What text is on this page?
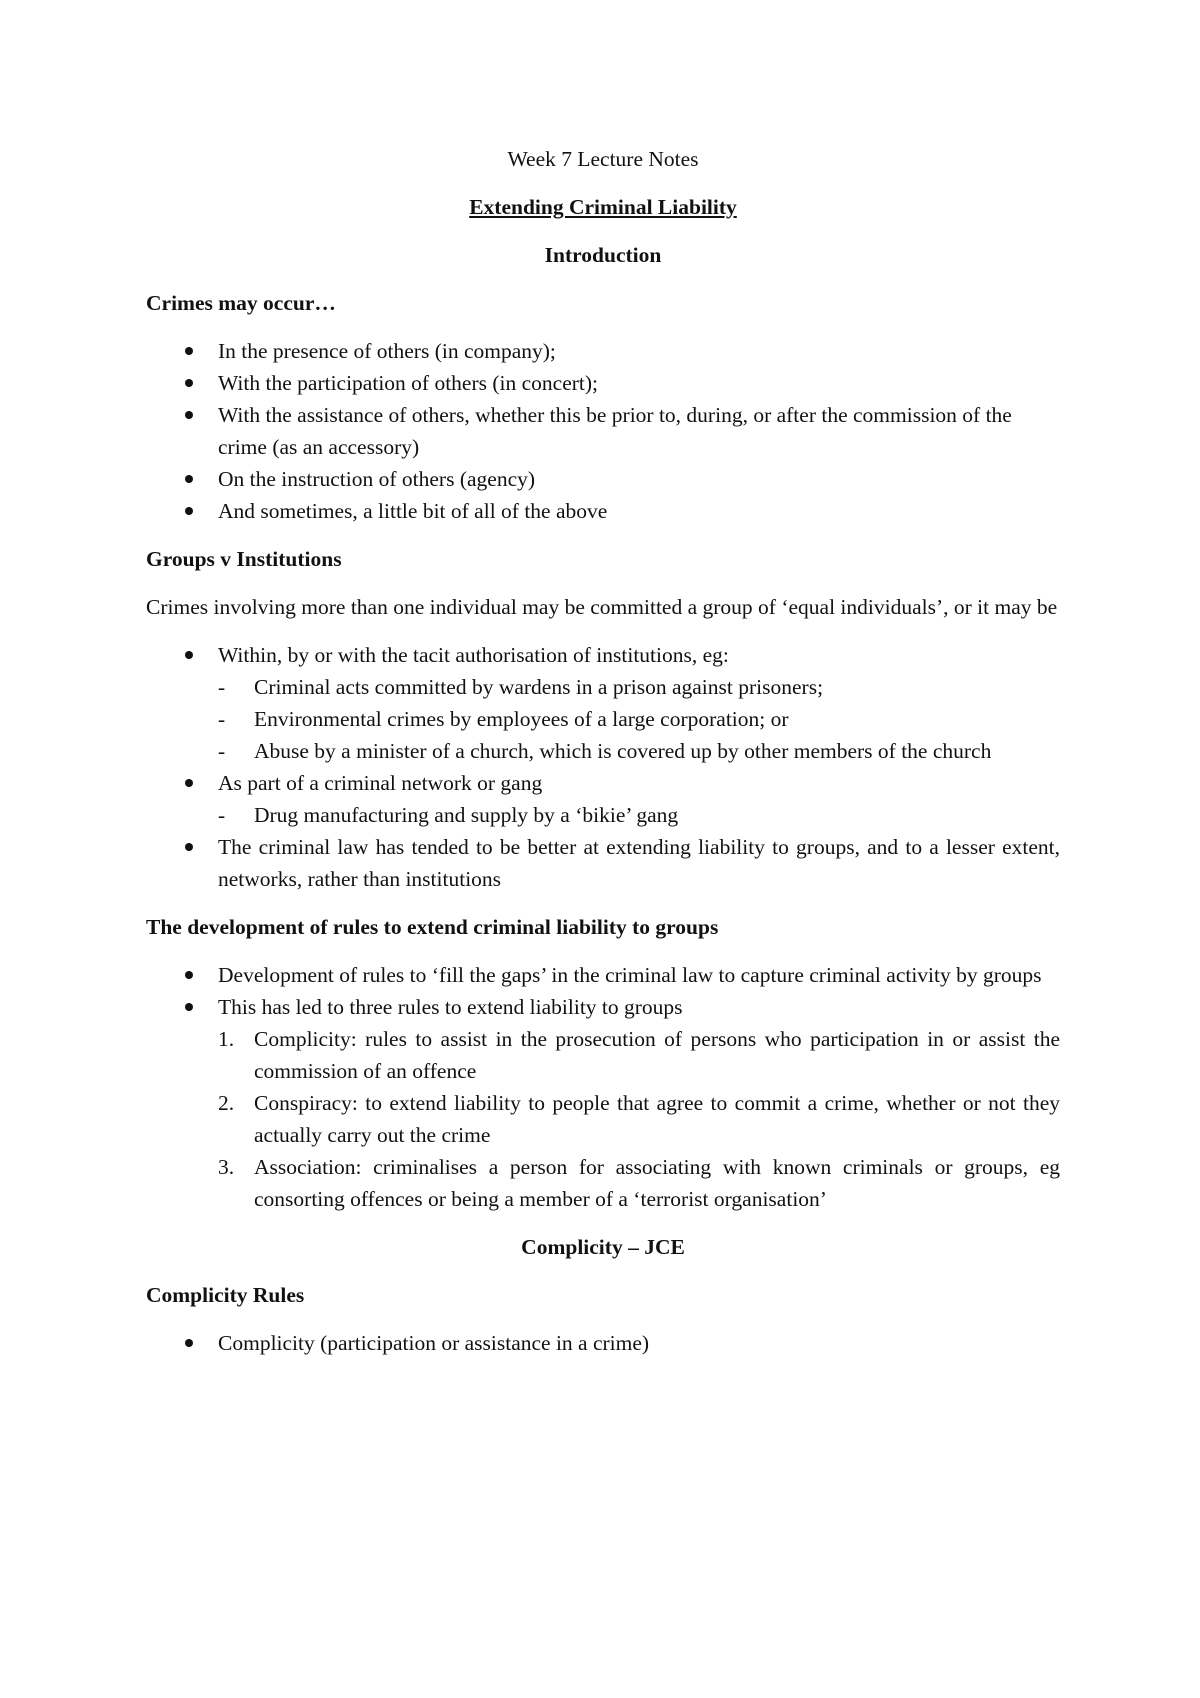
Week 7 Lecture Notes

Extending Criminal Liability

Introduction

Crimes may occur…

In the presence of others (in company);
With the participation of others (in concert);
With the assistance of others, whether this be prior to, during, or after the commission of the crime (as an accessory)
On the instruction of others (agency)
And sometimes, a little bit of all of the above

Groups v Institutions

Crimes involving more than one individual may be committed a group of ‘equal individuals’, or it may be

Within, by or with the tacit authorisation of institutions, eg:
- Criminal acts committed by wardens in a prison against prisoners;
- Environmental crimes by employees of a large corporation; or
- Abuse by a minister of a church, which is covered up by other members of the church
As part of a criminal network or gang
- Drug manufacturing and supply by a ‘bikie’ gang
The criminal law has tended to be better at extending liability to groups, and to a lesser extent, networks, rather than institutions

The development of rules to extend criminal liability to groups

Development of rules to ‘fill the gaps’ in the criminal law to capture criminal activity by groups
This has led to three rules to extend liability to groups
1. Complicity: rules to assist in the prosecution of persons who participation in or assist the commission of an offence
2. Conspiracy: to extend liability to people that agree to commit a crime, whether or not they actually carry out the crime
3. Association: criminalises a person for associating with known criminals or groups, eg consorting offences or being a member of a ‘terrorist organisation’

Complicity – JCE

Complicity Rules

Complicity (participation or assistance in a crime)
